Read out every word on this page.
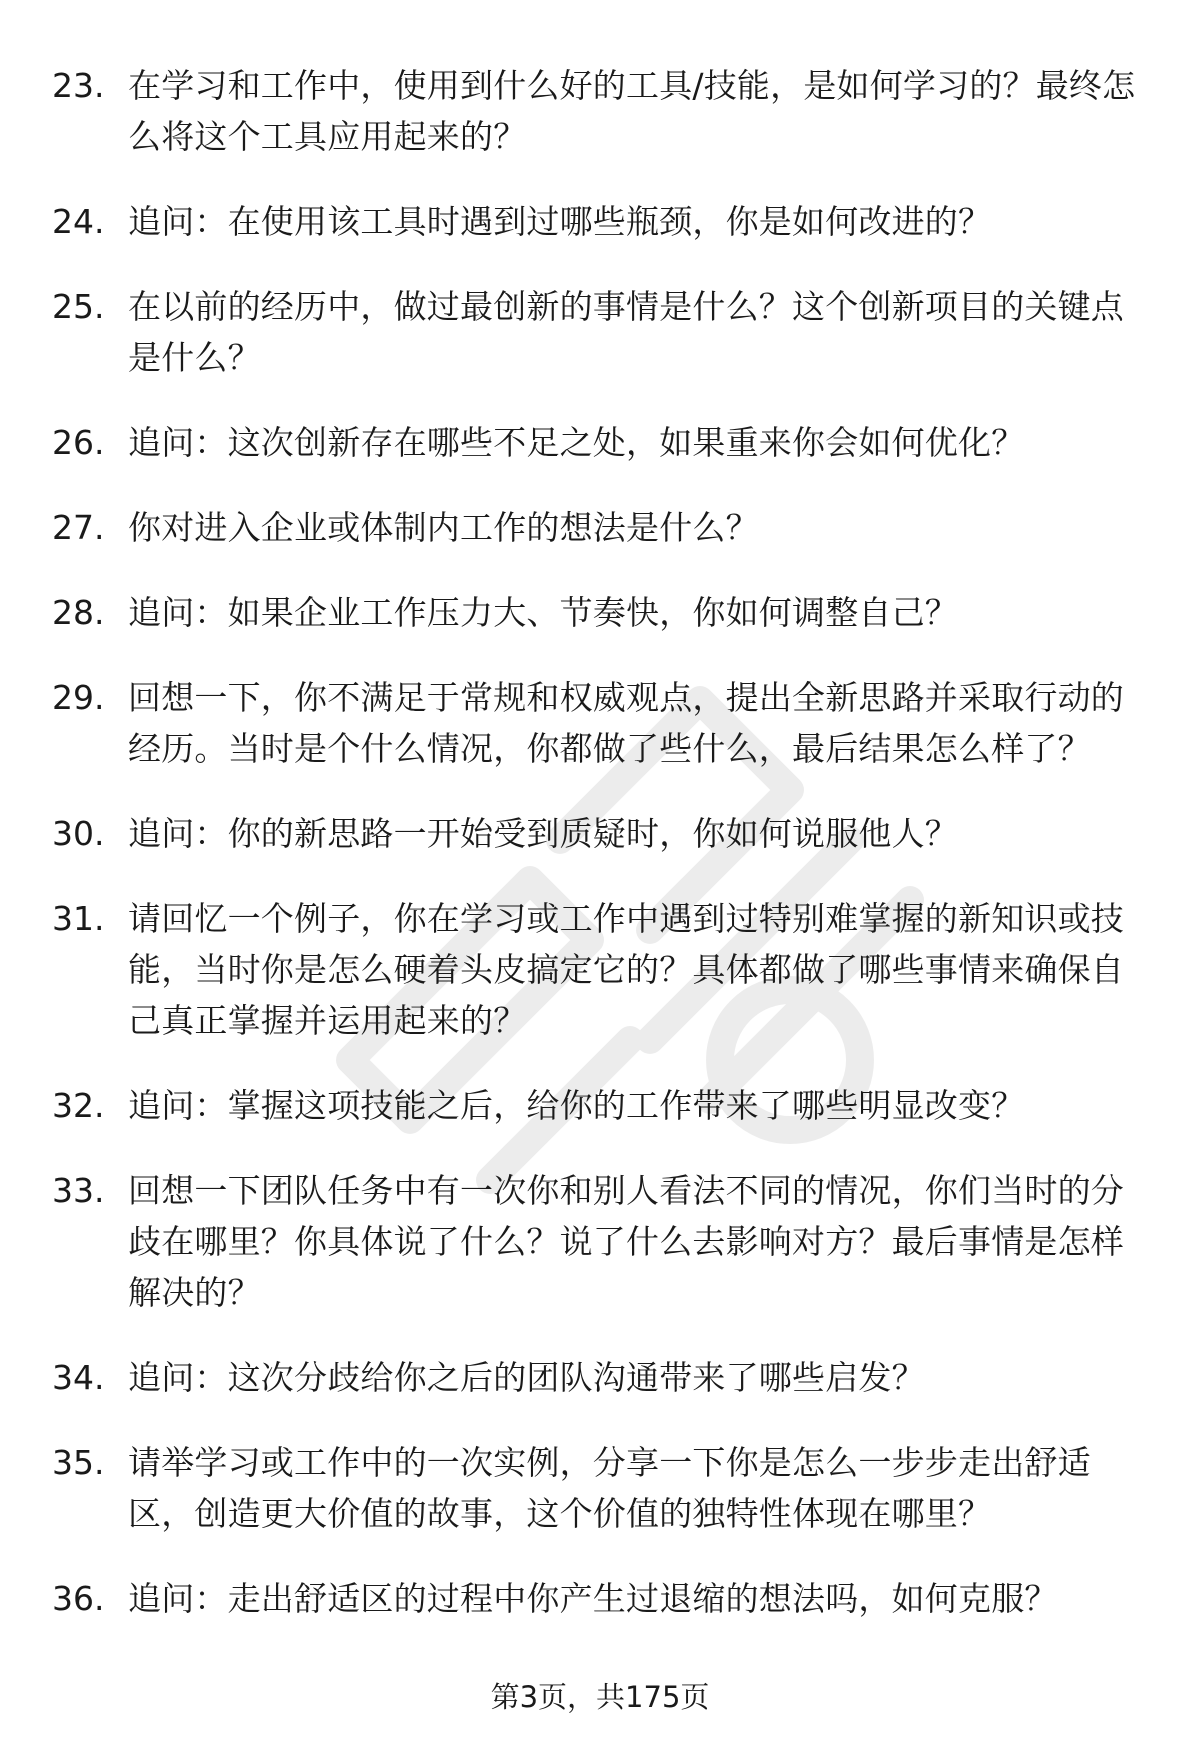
23. 在学习和工作中，使用到什么好的工具/技能，是如何学习的？最终怎么将这个工具应用起来的？
24. 追问：在使用该工具时遇到过哪些瓶颈，你是如何改进的？
25. 在以前的经历中，做过最创新的事情是什么？这个创新项目的关键点是什么？
26. 追问：这次创新存在哪些不足之处，如果重来你会如何优化？
27. 你对进入企业或体制内工作的想法是什么？
28. 追问：如果企业工作压力大、节奏快，你如何调整自己？
29. 回想一下，你不满足于常规和权威观点，提出全新思路并采取行动的经历。当时是个什么情况，你都做了些什么，最后结果怎么样了？
30. 追问：你的新思路一开始受到质疑时，你如何说服他人？
31. 请回忆一个例子，你在学习或工作中遇到过特别难掌握的新知识或技能，当时你是怎么硬着头皮搞定它的？具体都做了哪些事情来确保自己真正掌握并运用起来的？
32. 追问：掌握这项技能之后，给你的工作带来了哪些明显改变？
33. 回想一下团队任务中有一次你和别人看法不同的情况，你们当时的分歧在哪里？你具体说了什么？说了什么去影响对方？最后事情是怎样解决的？
34. 追问：这次分歧给你之后的团队沟通带来了哪些启发？
35. 请举学习或工作中的一次实例，分享一下你是怎么一步步走出舒适区，创造更大价值的故事，这个价值的独特性体现在哪里？
36. 追问：走出舒适区的过程中你产生过退缩的想法吗，如何克服？
第3页，共175页
